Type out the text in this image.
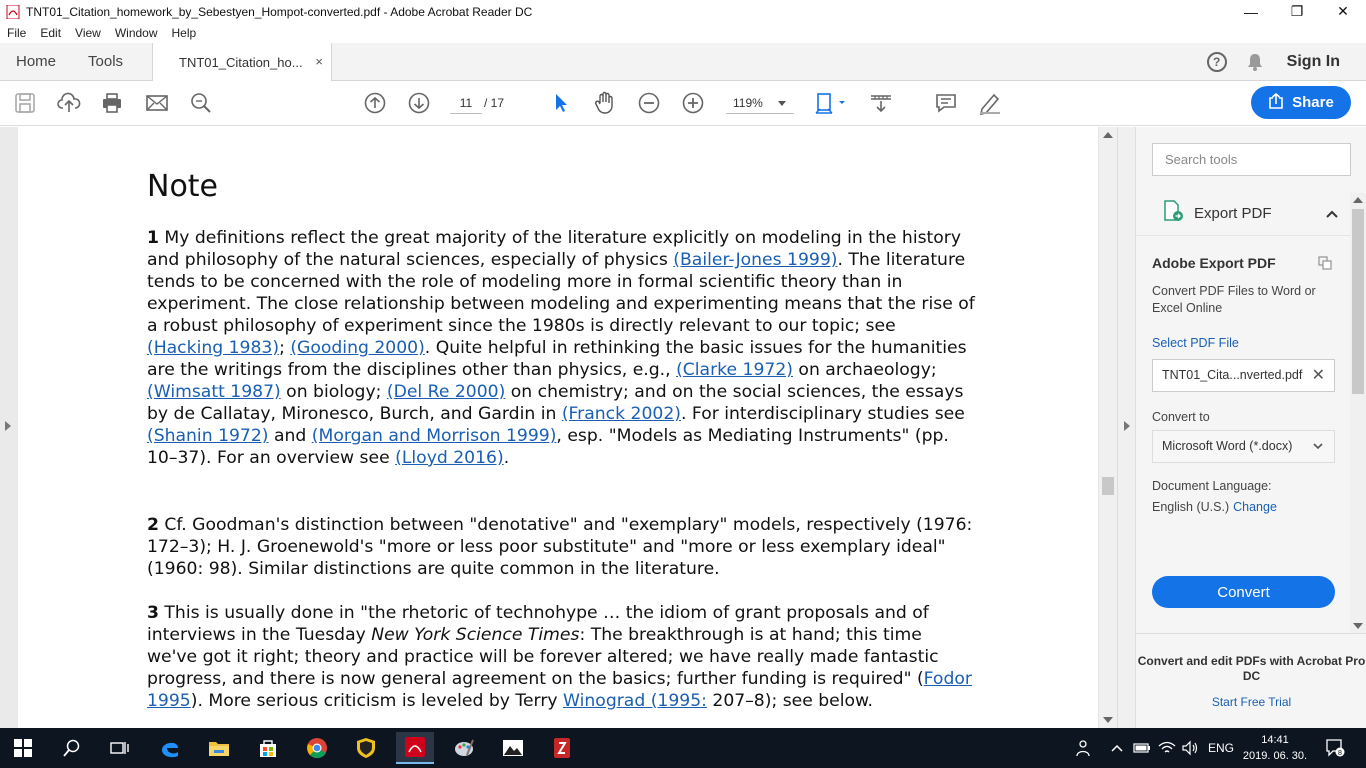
TNT01_Citation_homework_by_Sebestyen_Hompot-converted.pdf - Adobe Acrobat Reader DC	—	❐	✕
File	Edit	View	Window	Help
Home	Tools	TNT01_Citation_ho... ×	?	Sign In
11 / 17	119%	Share
Note
1 My definitions reflect the great majority of the literature explicitly on modeling in the history and philosophy of the natural sciences, especially of physics (Bailer-Jones 1999). The literature tends to be concerned with the role of modeling more in formal scientific theory than in experiment. The close relationship between modeling and experimenting means that the rise of a robust philosophy of experiment since the 1980s is directly relevant to our topic; see (Hacking 1983); (Gooding 2000). Quite helpful in rethinking the basic issues for the humanities are the writings from the disciplines other than physics, e.g., (Clarke 1972) on archaeology; (Wimsatt 1987) on biology; (Del Re 2000) on chemistry; and on the social sciences, the essays by de Callatay, Mironesco, Burch, and Gardin in (Franck 2002). For interdisciplinary studies see (Shanin 1972) and (Morgan and Morrison 1999), esp. "Models as Mediating Instruments" (pp. 10–37). For an overview see (Lloyd 2016).
2 Cf. Goodman's distinction between "denotative" and "exemplary" models, respectively (1976: 172–3); H. J. Groenewold's "more or less poor substitute" and "more or less exemplary ideal" (1960: 98). Similar distinctions are quite common in the literature.
3 This is usually done in "the rhetoric of technohype … the idiom of grant proposals and of interviews in the Tuesday New York Science Times: The breakthrough is at hand; this time we've got it right; theory and practice will be forever altered; we have really made fantastic progress, and there is now general agreement on the basics; further funding is required" (Fodor 1995). More serious criticism is leveled by Terry Winograd (1995: 207–8); see below.
Search tools
Export PDF
Adobe Export PDF
Convert PDF Files to Word or Excel Online
Select PDF File
TNT01_Cita...nverted.pdf ✕
Convert to
Microsoft Word (*.docx)
Document Language:
English (U.S.) Change
Convert
Convert and edit PDFs with Acrobat Pro DC
Start Free Trial
ENG
14:41
2019. 06. 30.	8
